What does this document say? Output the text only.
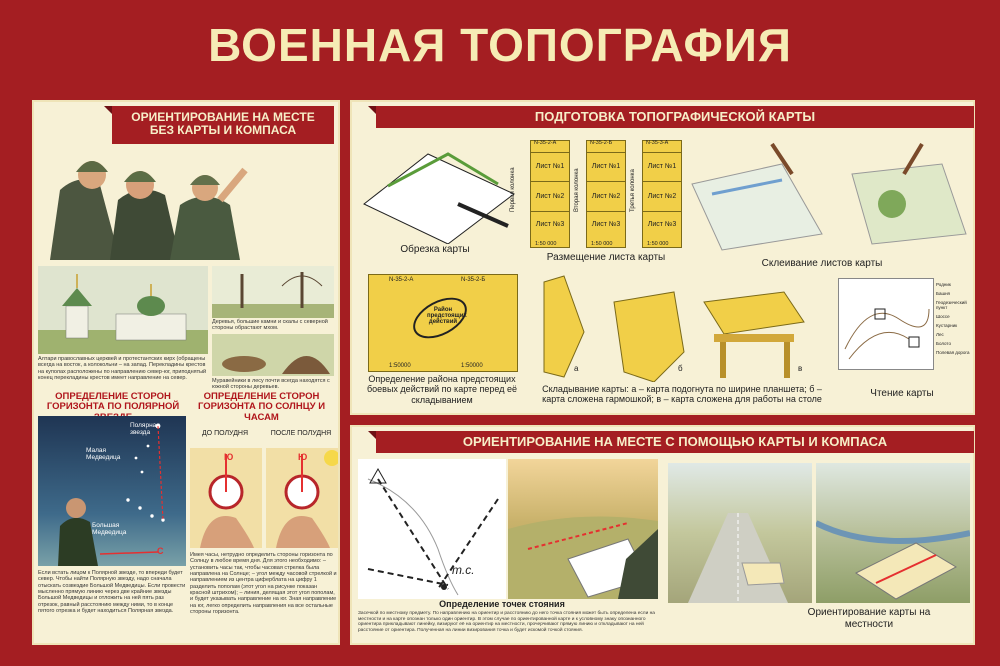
ВОЕННАЯ ТОПОГРАФИЯ
ОРИЕНТИРОВАНИЕ НА МЕСТЕ БЕЗ КАРТЫ И КОМПАСА
Алтари православных церквей и протестантских кирх (обращены всегда на восток, а колокольни – на запад. Перекладины крестов на куполах расположены по направлению север-юг, приподнятый конец перекладины крестов имеет направление на север.
Деревья, большие камни и скалы с северной стороны обрастают мхом.
Муравейники в лесу почти всегда находятся с южной стороны деревьев.
ОПРЕДЕЛЕНИЕ СТОРОН ГОРИЗОНТА ПО ПОЛЯРНОЙ
ОПРЕДЕЛЕНИЕ СТОРОН ГОРИЗОНТА ПО СОЛНЦУ И ЧАСАМ
Полярная звезда
Малая Медведица
Большая Медведица
С
ДО ПОЛУДНЯ	ПОСЛЕ ПОЛУДНЯ
Ю	Ю
Если встать лицом к Полярной звезде, то впереди будет север. Чтобы найти Полярную звезду, надо сначала отыскать созвездие Большой Медведицы. Если провести мысленно прямую линию через две крайние звезды Большой Медведицы и отложить на ней пять раз отрезок, равный расстоянию между ними, то в конце пятого отрезка и будет находиться Полярная звезда.
Имея часы, нетрудно определить стороны горизонта по Солнцу в любое время дня. Для этого необходимо: – установить часы так, чтобы часовая стрелка была направлена на Солнце; – угол между часовой стрелкой и направлением из центра циферблата на цифру 1 разделить пополам (этот угол на рисунке показан красной штрихом); – линия, делящая этот угол пополам, и будет указывать направление на юг. Зная направление на юг, легко определить направления на все остальные стороны горизонта.
ПОДГОТОВКА ТОПОГРАФИЧЕСКОЙ КАРТЫ
Обрезка карты
N-35-2-А
Лист №1
Лист №2
Лист №3
1:50 000
N-35-2-Б
Лист №1
Лист №2
Лист №3
1:50 000
N-35-3-А
Лист №1
Лист №2
Лист №3
1:50 000
Первая колонка	Вторая колонка	Третья колонка
Размещение листа карты
Склеивание листов карты
N-35-2-А	N-35-2-Б
1:50000	1:50000
Район предстоящих действий
Определение района предстоящих боевых действий по карте перед её складыванием
а	б	в
Складывание карты: а – карта подогнута по ширине планшета; б – карта сложена гармошкой; в – карта сложена для работы на столе
Родник
Башня
Геодезический пункт
Шоссе
Кустарник
Лес
Болото
Полевая дорога
Чтение карты
ОРИЕНТИРОВАНИЕ НА МЕСТЕ С ПОМОЩЬЮ КАРТЫ И КОМПАСА
т.с.
Определение точек стояния
Засечкой по местному предмету. По направлению на ориентир и расстоянию до него точка стояния может быть определена если на местности и на карте опознан только один ориентир. В этом случае по ориентированной карте и к условному знаку опознанного ориентира прикладывают линейку, визируют её на ориентир на местности, прочерчивают прямую линию и откладывают на ней расстояние от ориентира. Полученная на линии визирования точка и будет искомой точкой стояния.
Ориентирование карты на местности
